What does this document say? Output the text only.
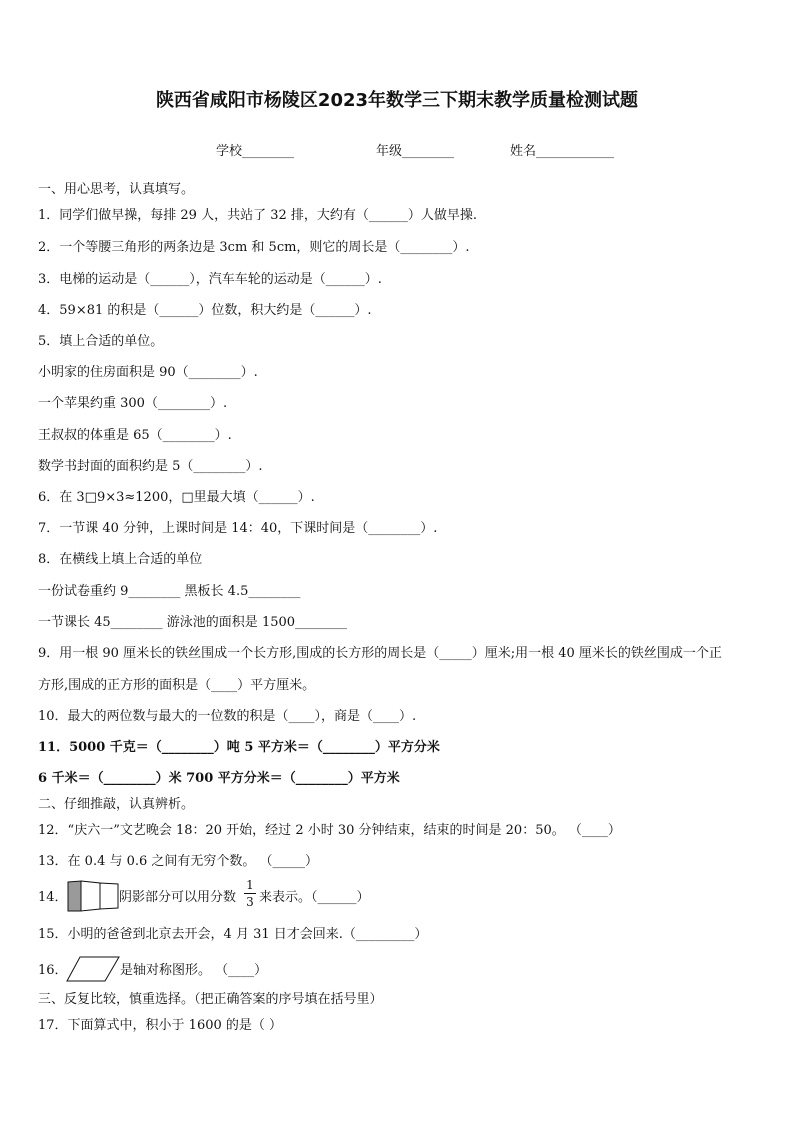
陕西省咸阳市杨陵区2023年数学三下期末教学质量检测试题
学校________	年级________	姓名____________
一、用心思考，认真填写。
1．同学们做早操，每排 29 人，共站了 32 排，大约有（______）人做早操.
2．一个等腰三角形的两条边是 3cm 和 5cm，则它的周长是（________）.
3．电梯的运动是（______），汽车车轮的运动是（______）.
4．59×81 的积是（______）位数，积大约是（______）.
5．填上合适的单位。
小明家的住房面积是 90（________）.
一个苹果约重 300（________）.
王叔叔的体重是 65（________）.
数学书封面的面积约是 5（________）.
6．在 3□9×3≈1200，□里最大填（______）.
7．一节课 40 分钟，上课时间是 14：40，下课时间是（________）.
8．在横线上填上合适的单位
一份试卷重约 9________ 黑板长 4.5________
一节课长 45________ 游泳池的面积是 1500________
9．用一根 90 厘米长的铁丝围成一个长方形,围成的长方形的周长是（_____）厘米;用一根 40 厘米长的铁丝围成一个正
方形,围成的正方形的面积是（____）平方厘米。
10．最大的两位数与最大的一位数的积是（____），商是（____）.
11．5000 千克＝（________）吨 5 平方米＝（________）平方分米
6 千米＝（________）米 700 平方分米＝（________）平方米
二、仔细推敲，认真辨析。
12．“庆六一”文艺晚会 18：20 开始，经过 2 小时 30 分钟结束，结束的时间是 20：50。 （____）
13．在 0.4 与 0.6 之间有无穷个数。 （_____）
14．	阴影部分可以用分数
1
3 来表示。（______）
15．小明的爸爸到北京去开会，4 月 31 日才会回来.（_________）
16．	是轴对称图形。 （____）
三、反复比较，慎重选择。（把正确答案的序号填在括号里）
17．下面算式中，积小于 1600 的是（ ）
